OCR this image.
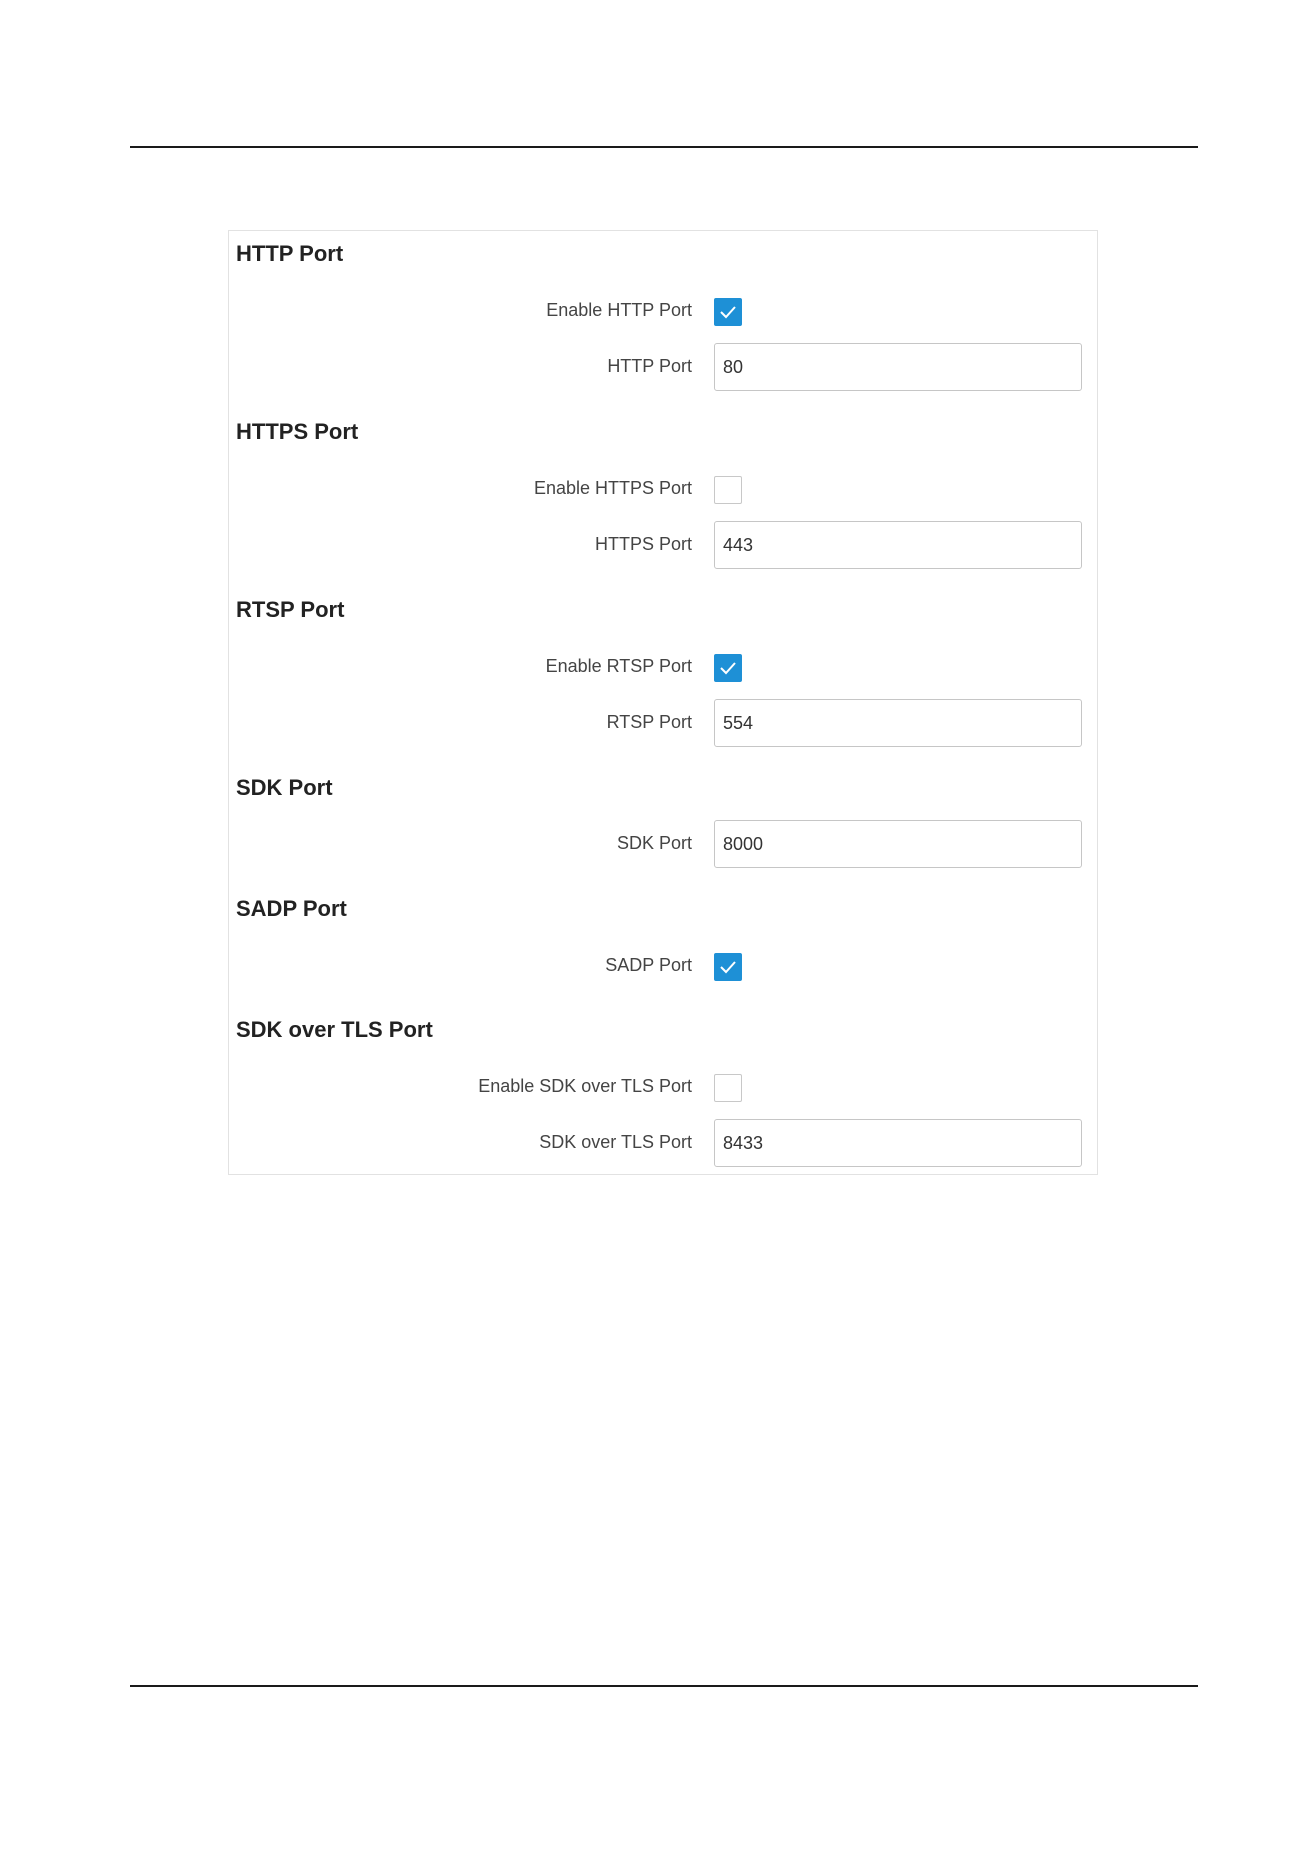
HTTP Port
Enable HTTP Port
HTTP Port
80
HTTPS Port
Enable HTTPS Port
HTTPS Port
443
RTSP Port
Enable RTSP Port
RTSP Port
554
SDK Port
SDK Port
8000
SADP Port
SADP Port
SDK over TLS Port
Enable SDK over TLS Port
SDK over TLS Port
8433
